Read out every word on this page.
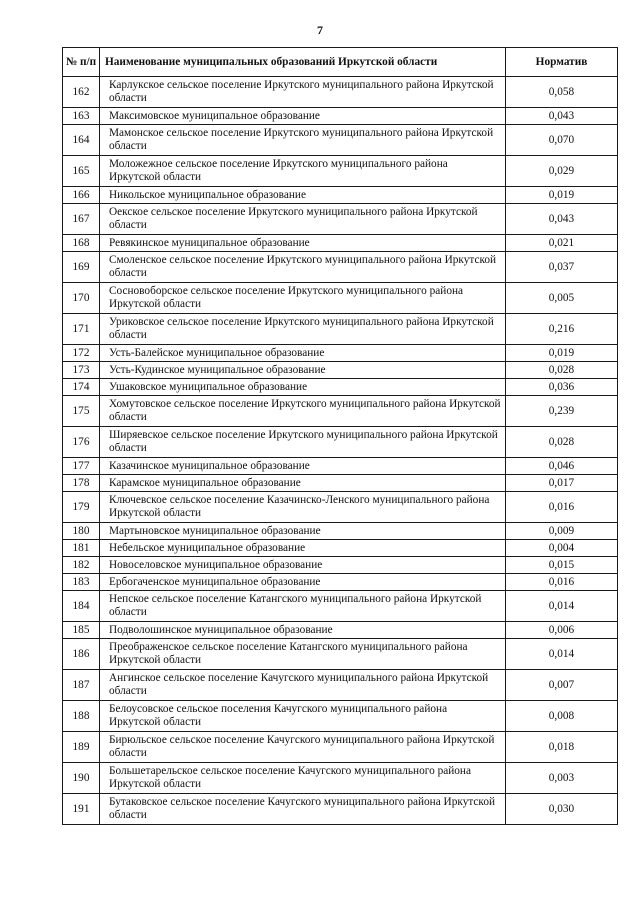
7
№ п/п	Наименование муниципальных образований Иркутской области	Норматив
162	Карлукское сельское поселение Иркутского муниципального района Иркутской области	0,058
163	Максимовское муниципальное образование	0,043
164	Мамонское сельское поселение Иркутского муниципального района Иркутской области	0,070
165	Моложежное сельское поселение Иркутского муниципального района Иркутской области	0,029
166	Никольское муниципальное образование	0,019
167	Оекское сельское поселение Иркутского муниципального района Иркутской области	0,043
168	Ревякинское муниципальное образование	0,021
169	Смоленское сельское поселение Иркутского муниципального района Иркутской области	0,037
170	Сосновоборское сельское поселение Иркутского муниципального района Иркутской области	0,005
171	Уриковское сельское поселение Иркутского муниципального района Иркутской области	0,216
172	Усть-Балейское муниципальное образование	0,019
173	Усть-Кудинское муниципальное образование	0,028
174	Ушаковское муниципальное образование	0,036
175	Хомутовское сельское поселение Иркутского муниципального района Иркутской области	0,239
176	Ширяевское сельское поселение Иркутского муниципального района Иркутской области	0,028
177	Казачинское муниципальное образование	0,046
178	Карамское муниципальное образование	0,017
179	Ключевское сельское поселение Казачинско-Ленского муниципального района Иркутской области	0,016
180	Мартыновское муниципальное образование	0,009
181	Небельское муниципальное образование	0,004
182	Новоселовское муниципальное образование	0,015
183	Ербогаченское муниципальное образование	0,016
184	Непское сельское поселение Катангского муниципального района Иркутской области	0,014
185	Подволошинское муниципальное образование	0,006
186	Преображенское сельское поселение Катангского муниципального района Иркутской области	0,014
187	Ангинское сельское поселение Качугского муниципального района Иркутской области	0,007
188	Белоусовское сельское поселения Качугского муниципального района Иркутской области	0,008
189	Бирюльское сельское поселение Качугского муниципального района Иркутской области	0,018
190	Большетарельское сельское поселение Качугского муниципального района Иркутской области	0,003
191	Бутаковское сельское поселение Качугского муниципального района Иркутской области	0,030
